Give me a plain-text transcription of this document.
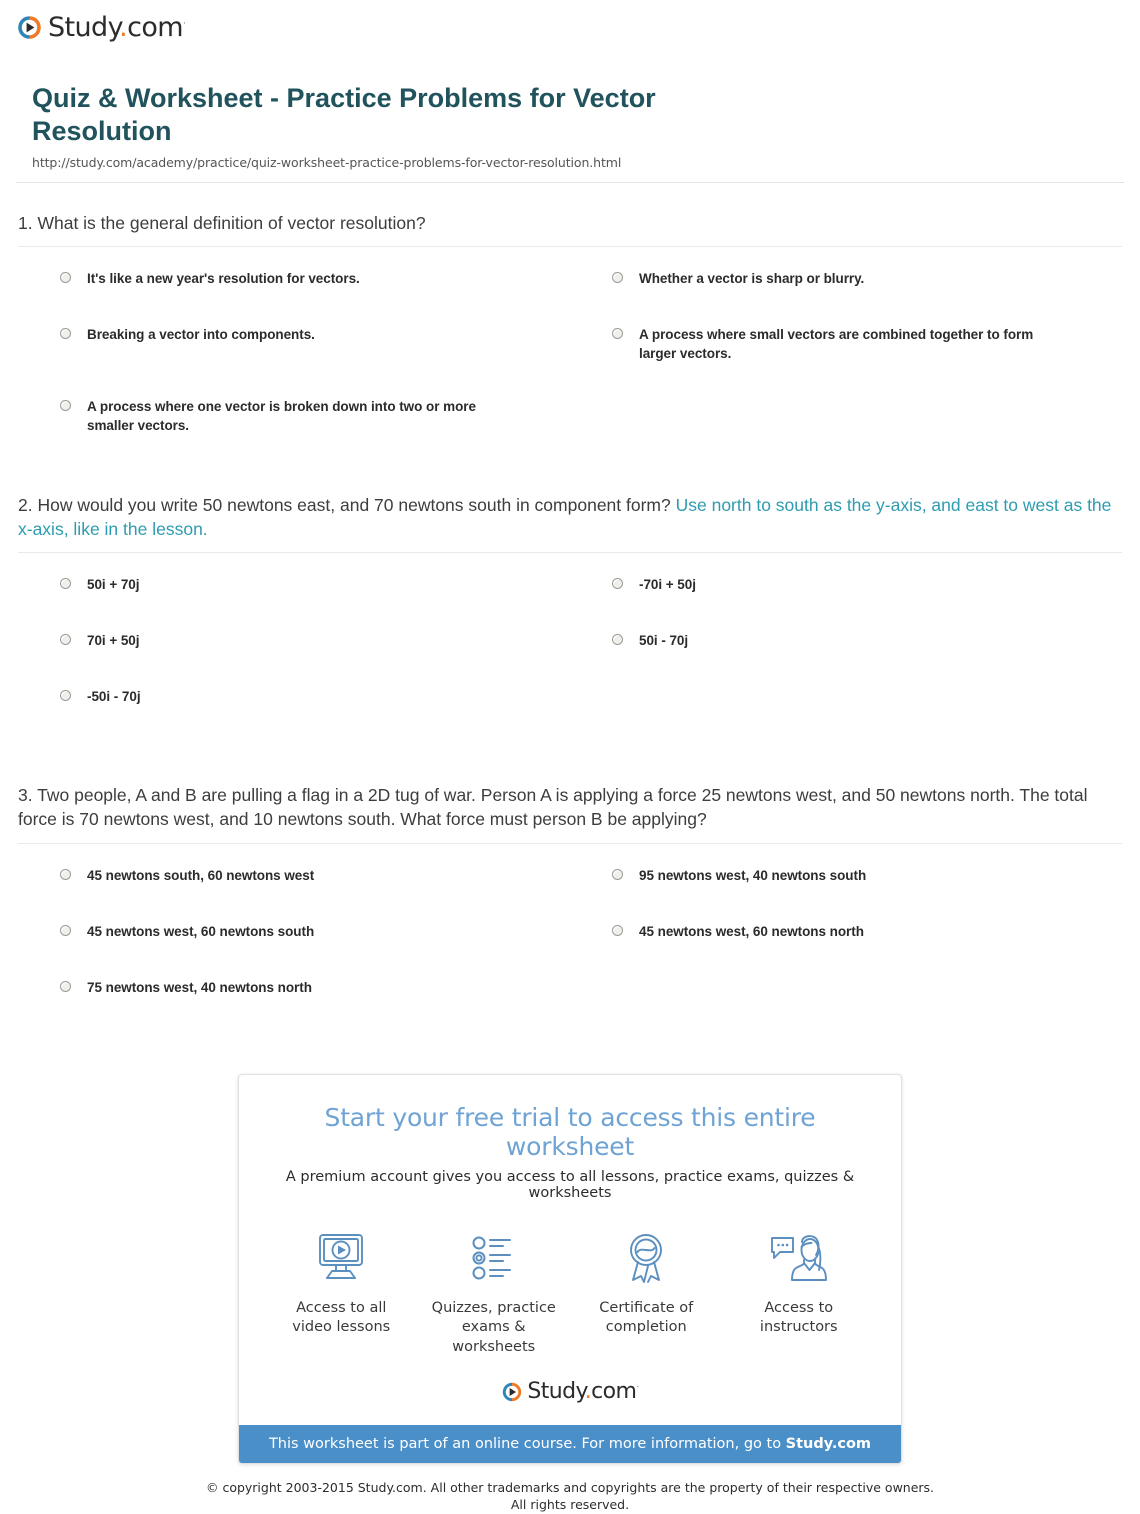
Study.com·
Quiz & Worksheet - Practice Problems for Vector Resolution
http://study.com/academy/practice/quiz-worksheet-practice-problems-for-vector-resolution.html
1. What is the general definition of vector resolution?
It's like a new year's resolution for vectors.	Whether a vector is sharp or blurry.
Breaking a vector into components.	A process where small vectors are combined together to form larger vectors.
A process where one vector is broken down into two or more smaller vectors.
2. How would you write 50 newtons east, and 70 newtons south in component form? Use north to south as the y-axis, and east to west as the x-axis, like in the lesson.
50i + 70j	-70i + 50j
70i + 50j	50i - 70j
-50i - 70j
3. Two people, A and B are pulling a flag in a 2D tug of war. Person A is applying a force 25 newtons west, and 50 newtons north. The total force is 70 newtons west, and 10 newtons south. What force must person B be applying?
45 newtons south, 60 newtons west	95 newtons west, 40 newtons south
45 newtons west, 60 newtons south	45 newtons west, 60 newtons north
75 newtons west, 40 newtons north
Start your free trial to access this entire worksheet
A premium account gives you access to all lessons, practice exams, quizzes & worksheets
Access to all
video lessons
Quizzes, practice
exams & worksheets
Certificate of
completion
Access to
instructors
Study.com·
This worksheet is part of an online course. For more information, go to Study.com
© copyright 2003-2015 Study.com. All other trademarks and copyrights are the property of their respective owners.
All rights reserved.
